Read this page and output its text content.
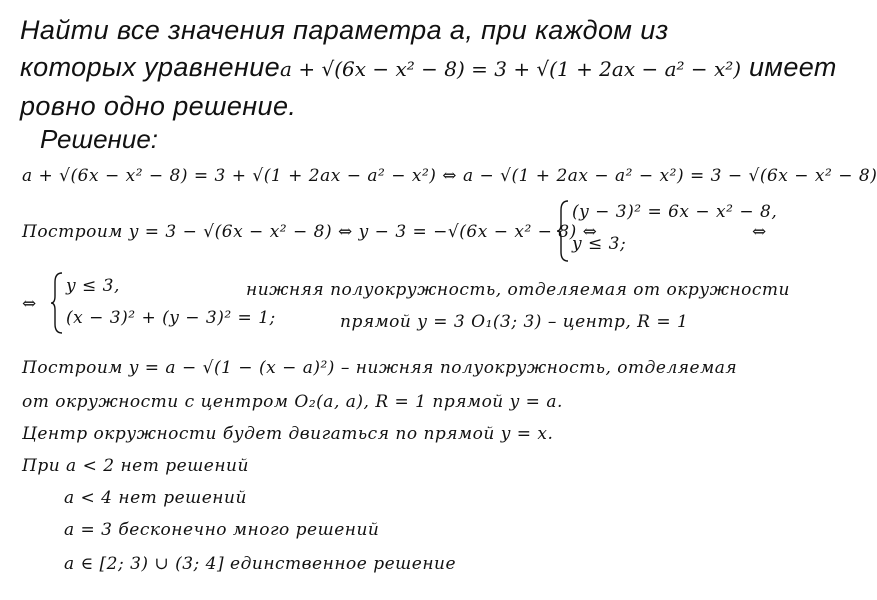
Найти все значения параметра a, при каждом из
которых уравнениеa + √(6x − x² − 8) = 3 + √(1 + 2ax − a² − x²) имеет
ровно одно решение.
Решение:
a + √(6x − x² − 8) = 3 + √(1 + 2ax − a² − x²) ⇔ a − √(1 + 2ax − a² − x²) = 3 − √(6x − x² − 8)
Построим y = 3 − √(6x − x² − 8) ⇔ y − 3 = −√(6x − x² − 8) ⇔
(y − 3)² = 6x − x² − 8,
y ≤ 3;
⇔
⇔
y ≤ 3,
(x − 3)² + (y − 3)² = 1;
нижняя полуокружность, отделяемая от окружности
прямой y = 3 O₁(3; 3) – центр, R = 1
Построим y = a − √(1 − (x − a)²) – нижняя полуокружность, отделяемая
от окружности с центром O₂(a, a), R = 1 прямой y = a.
Центр окружности будет двигаться по прямой y = x.
При a < 2 нет решений
a < 4 нет решений
a = 3 бесконечно много решений
a ∈ [2; 3) ∪ (3; 4] единственное решение
